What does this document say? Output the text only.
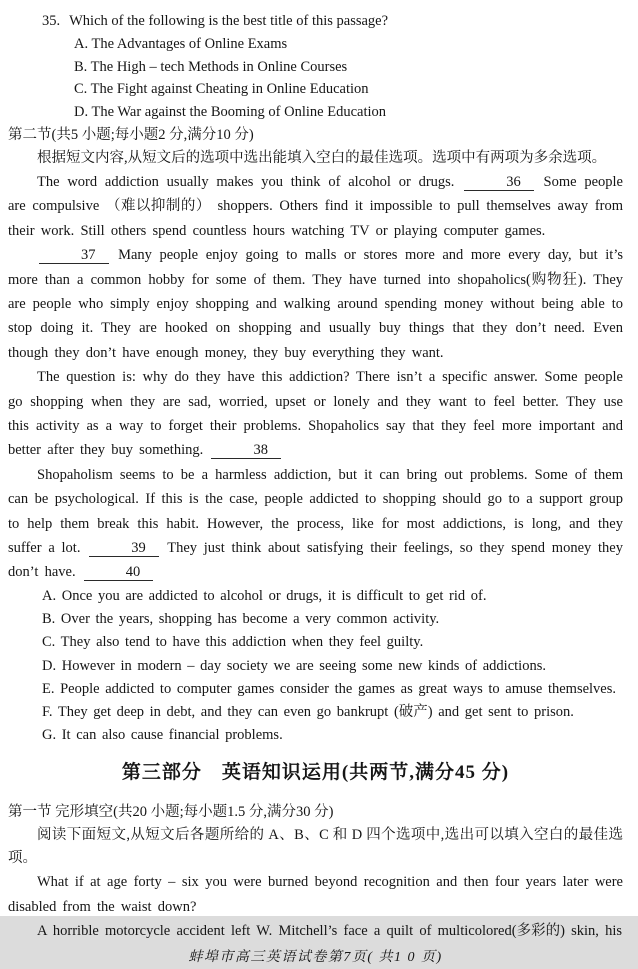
35. Which of the following is the best title of this passage?
A. The Advantages of Online Exams
B. The High – tech Methods in Online Courses
C. The Fight against Cheating in Online Education
D. The War against the Booming of Online Education
第二节(共5 小题;每小题2 分,满分10 分)
根据短文内容,从短文后的选项中选出能填入空白的最佳选项。选项中有两项为多余选项。
The word addiction usually makes you think of alcohol or drugs.	36 Some people are compulsive （难以抑制的） shoppers. Others find it impossible to pull themselves away from their work. Still others spend countless hours watching TV or playing computer games.
37 Many people enjoy going to malls or stores more and more every day, but it’s more than a common hobby for some of them. They have turned into shopaholics(购物狂). They are people who simply enjoy shopping and walking around spending money without being able to stop doing it. They are hooked on shopping and usually buy things that they don’t need. Even though they don’t have enough money, they buy everything they want.
The question is: why do they have this addiction? There isn’t a specific answer. Some people go shopping when they are sad, worried, upset or lonely and they want to feel better. They use this activity as a way to forget their problems. Shopaholics say that they feel more important and better after they buy something.	38
Shopaholism seems to be a harmless addiction, but it can bring out problems. Some of them can be psychological. If this is the case, people addicted to shopping should go to a support group to help them break this habit. However, the process, like for most addictions, is long, and they suffer a lot.	39 They just think about satisfying their feelings, so they spend money they don’t have.	40
A. Once you are addicted to alcohol or drugs, it is difficult to get rid of.
B. Over the years, shopping has become a very common activity.
C. They also tend to have this addiction when they feel guilty.
D. However in modern – day society we are seeing some new kinds of addictions.
E. People addicted to computer games consider the games as great ways to amuse themselves.
F. They get deep in debt, and they can even go bankrupt (破产) and get sent to prison.
G. It can also cause financial problems.
第三部分　英语知识运用(共两节,满分45 分)
第一节 完形填空(共20 小题;每小题1.5 分,满分30 分)
阅读下面短文,从短文后各题所给的 A、B、C 和 D 四个选项中,选出可以填入空白的最佳选项。
What if at age forty – six you were burned beyond recognition and then four years later were disabled from the waist down?
A horrible motorcycle accident left W. Mitchell’s face a quilt of multicolored(多彩的) skin, his
蚌埠市高三英语试卷第7页( 共1 0 页)
